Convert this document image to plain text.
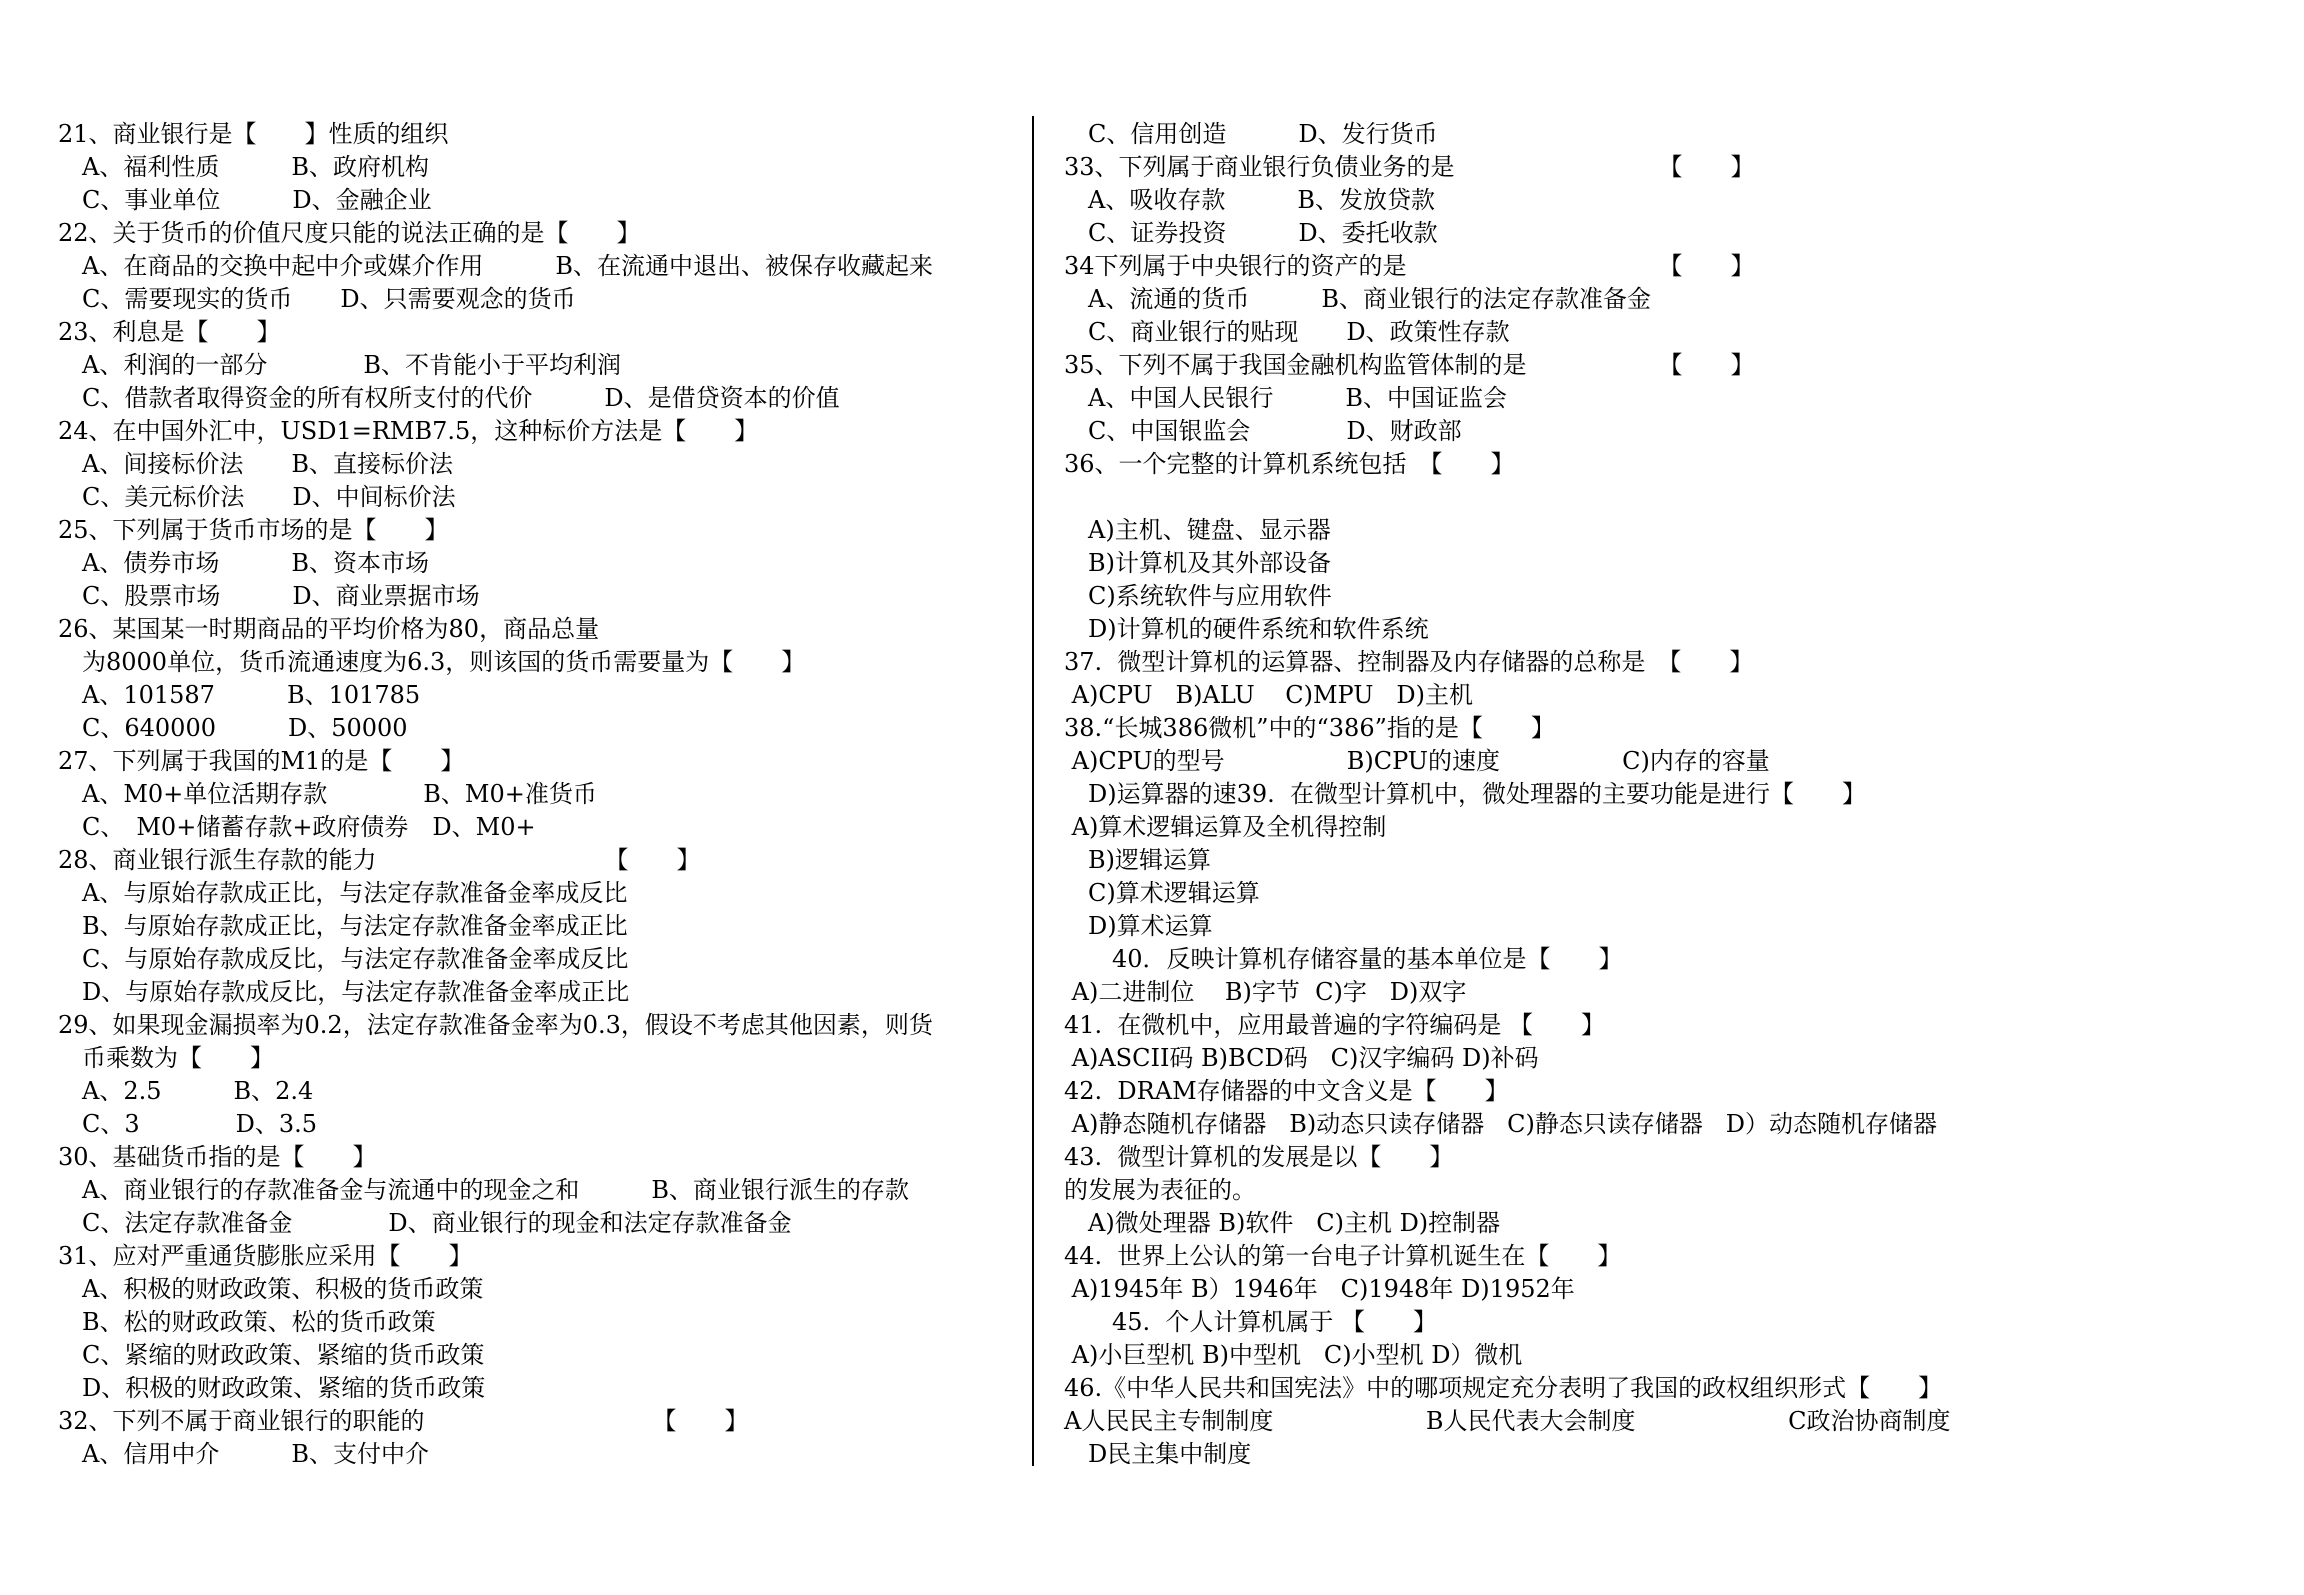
21、商业银行是【　　】性质的组织
　A、福利性质　　　B、政府机构
　C、事业单位　　　D、金融企业
22、关于货币的价值尺度只能的说法正确的是【　　】
　A、在商品的交换中起中介或媒介作用　　　B、在流通中退出、被保存收藏起来
　C、需要现实的货币　　D、只需要观念的货币
23、利息是【　　】
　A、利润的一部分　　　　B、不肯能小于平均利润
　C、借款者取得资金的所有权所支付的代价　　　D、是借贷资本的价值
24、在中国外汇中，USD1=RMB7.5，这种标价方法是【　　】
　A、间接标价法　　B、直接标价法
　C、美元标价法　　D、中间标价法
25、下列属于货币市场的是【　　】
　A、债券市场　　　B、资本市场
　C、股票市场　　　D、商业票据市场
26、某国某一时期商品的平均价格为80，商品总量
　为8000单位，货币流通速度为6.3，则该国的货币需要量为【　　】
　A、101587　　　B、101785
　C、640000　　　D、50000
27、下列属于我国的M1的是【　　】
　A、M0+单位活期存款　　　　B、M0+准货币
　C、　M0+储蓄存款+政府债券　D、M0+
28、商业银行派生存款的能力　　　　　　　　　　【　　】
　A、与原始存款成正比，与法定存款准备金率成反比
　B、与原始存款成正比，与法定存款准备金率成正比
　C、与原始存款成反比，与法定存款准备金率成反比
　D、与原始存款成反比，与法定存款准备金率成正比
29、如果现金漏损率为0.2，法定存款准备金率为0.3，假设不考虑其他因素，则货
　币乘数为【　　】
　A、2.5　　　B、2.4
　C、3　　　　D、3.5
30、基础货币指的是【　　】
　A、商业银行的存款准备金与流通中的现金之和　　　B、商业银行派生的存款
　C、法定存款准备金　　　　D、商业银行的现金和法定存款准备金
31、应对严重通货膨胀应采用【　　】
　A、积极的财政政策、积极的货币政策
　B、松的财政政策、松的货币政策
　C、紧缩的财政政策、紧缩的货币政策
　D、积极的财政政策、紧缩的货币政策
32、下列不属于商业银行的职能的　　　　　　　　　　【　　】
　A、信用中介　　　B、支付中介
　C、信用创造　　　D、发行货币
33、下列属于商业银行负债业务的是　　　　　　　　　【　　】
　A、吸收存款　　　B、发放贷款
　C、证券投资　　　D、委托收款
34下列属于中央银行的资产的是　　　　　　　　　　　【　　】
　A、流通的货币　　　B、商业银行的法定存款准备金
　C、商业银行的贴现　　D、政策性存款
35、下列不属于我国金融机构监管体制的是　　　　　　【　　】
　A、中国人民银行　　　B、中国证监会
　C、中国银监会　　　　D、财政部
36、一个完整的计算机系统包括　【　　】
　A)主机、键盘、显示器
　B)计算机及其外部设备
　C)系统软件与应用软件
　D)计算机的硬件系统和软件系统
37.  微型计算机的运算器、控制器及内存储器的总称是　【　　】
A)CPU   B)ALU    C)MPU   D)主机
38.“长城386微机”中的“386”指的是【　　】
A)CPU的型号                B)CPU的速度                C)内存的容量
　D)运算器的速39.  在微型计算机中，微处理器的主要功能是进行【　　】
A)算术逻辑运算及全机得控制
　B)逻辑运算
　C)算术逻辑运算
　D)算术运算
　　40．反映计算机存储容量的基本单位是【　　】
A)二进制位    B)字节  C)字   D)双字
41.  在微机中，应用最普遍的字符编码是 【　　】
A)ASCII码 B)BCD码   C)汉字编码 D)补码
42.  DRAM存储器的中文含义是【　　】
A)静态随机存储器   B)动态只读存储器   C)静态只读存储器   D）动态随机存储器
43.  微型计算机的发展是以【　　】
的发展为表征的。
　A)微处理器 B)软件   C)主机 D)控制器
44.  世界上公认的第一台电子计算机诞生在【　　】
A)1945年 B）1946年   C)1948年 D)1952年
　　45.  个人计算机属于 【　　】
A)小巨型机 B)中型机   C)小型机 D）微机
46.《中华人民共和国宪法》中的哪项规定充分表明了我国的政权组织形式【　　】
A人民民主专制制度                    B人民代表大会制度                    C政治协商制度
　D民主集中制度
